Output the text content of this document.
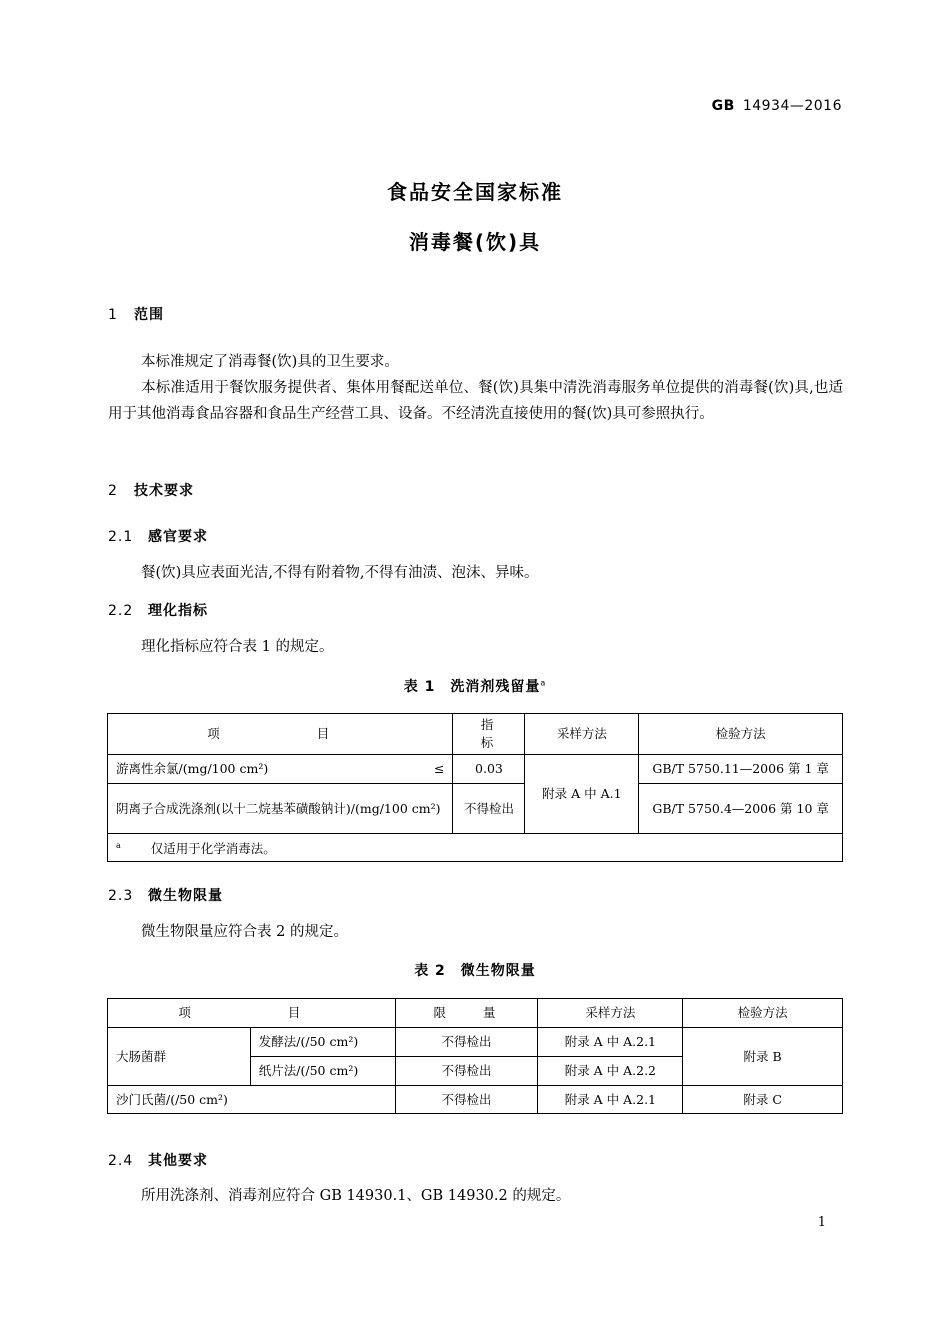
GB 14934—2016
食品安全国家标准
消毒餐(饮)具
1 范围
本标准规定了消毒餐(饮)具的卫生要求。
本标准适用于餐饮服务提供者、集体用餐配送单位、餐(饮)具集中清洗消毒服务单位提供的消毒餐(饮)具,也适用于其他消毒食品容器和食品生产经营工具、设备。不经清洗直接使用的餐(饮)具可参照执行。
2 技术要求
2.1 感官要求
餐(饮)具应表面光洁,不得有附着物,不得有油渍、泡沫、异味。
2.2 理化指标
理化指标应符合表 1 的规定。
表 1　洗消剂残留量$^a$
项　　目	指　　标	采样方法	检验方法
游离性余氯/(mg/100 cm²) ≤	0.03	附录 A 中 A.1	GB/T 5750.11—2006 第 1 章
阴离子合成洗涤剂(以十二烷基苯磺酸钠计)/(mg/100 cm²)	不得检出		GB/T 5750.4—2006 第 10 章
$^a$ 仅适用于化学消毒法。			
2.3 微生物限量
微生物限量应符合表 2 的规定。
表 2　微生物限量
项　　目		限　　量	采样方法	检验方法
大肠菌群	发酵法/(/50 cm²)	不得检出	附录 A 中 A.2.1	附录 B
	纸片法/(/50 cm²)	不得检出	附录 A 中 A.2.2	
沙门氏菌/(/50 cm²)		不得检出	附录 A 中 A.2.1	附录 C
2.4 其他要求
所用洗涤剂、消毒剂应符合 GB 14930.1、GB 14930.2 的规定。
1
